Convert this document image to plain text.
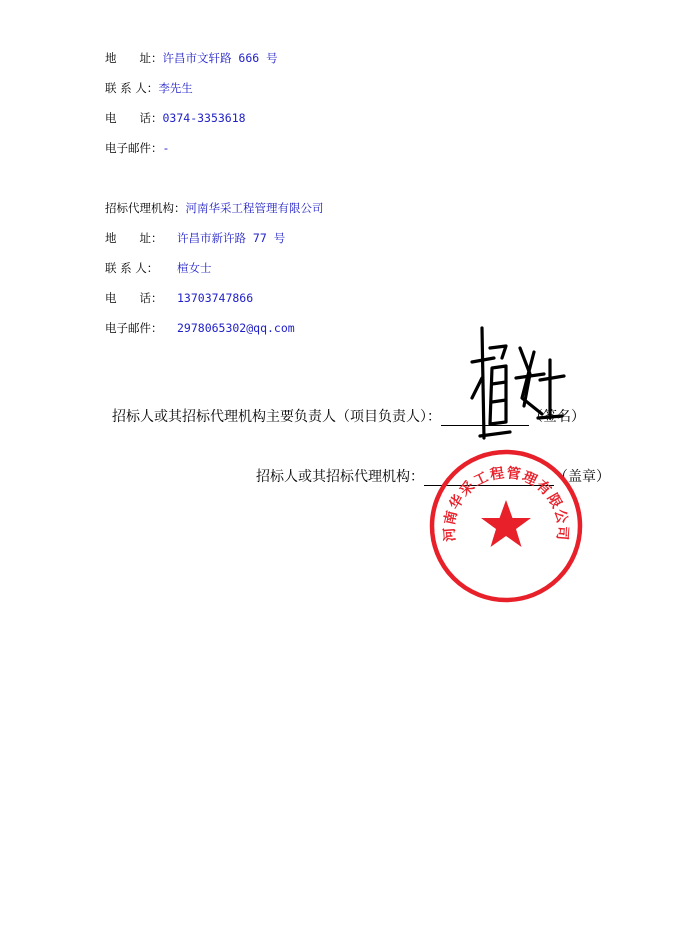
地　　址：许昌市文轩路 666 号
联 系 人：李先生
电　　话：0374-3353618
电子邮件：-
招标代理机构：河南华采工程管理有限公司
地　　址： 许昌市新许路 77 号
联 系 人： 楦女士
电　　话： 13703747866
电子邮件： 2978065302@qq.com
招标人或其招标代理机构主要负责人（项目负责人）：	（签名）
招标人或其招标代理机构：	（盖章）
河南华采工程管理有限公司
